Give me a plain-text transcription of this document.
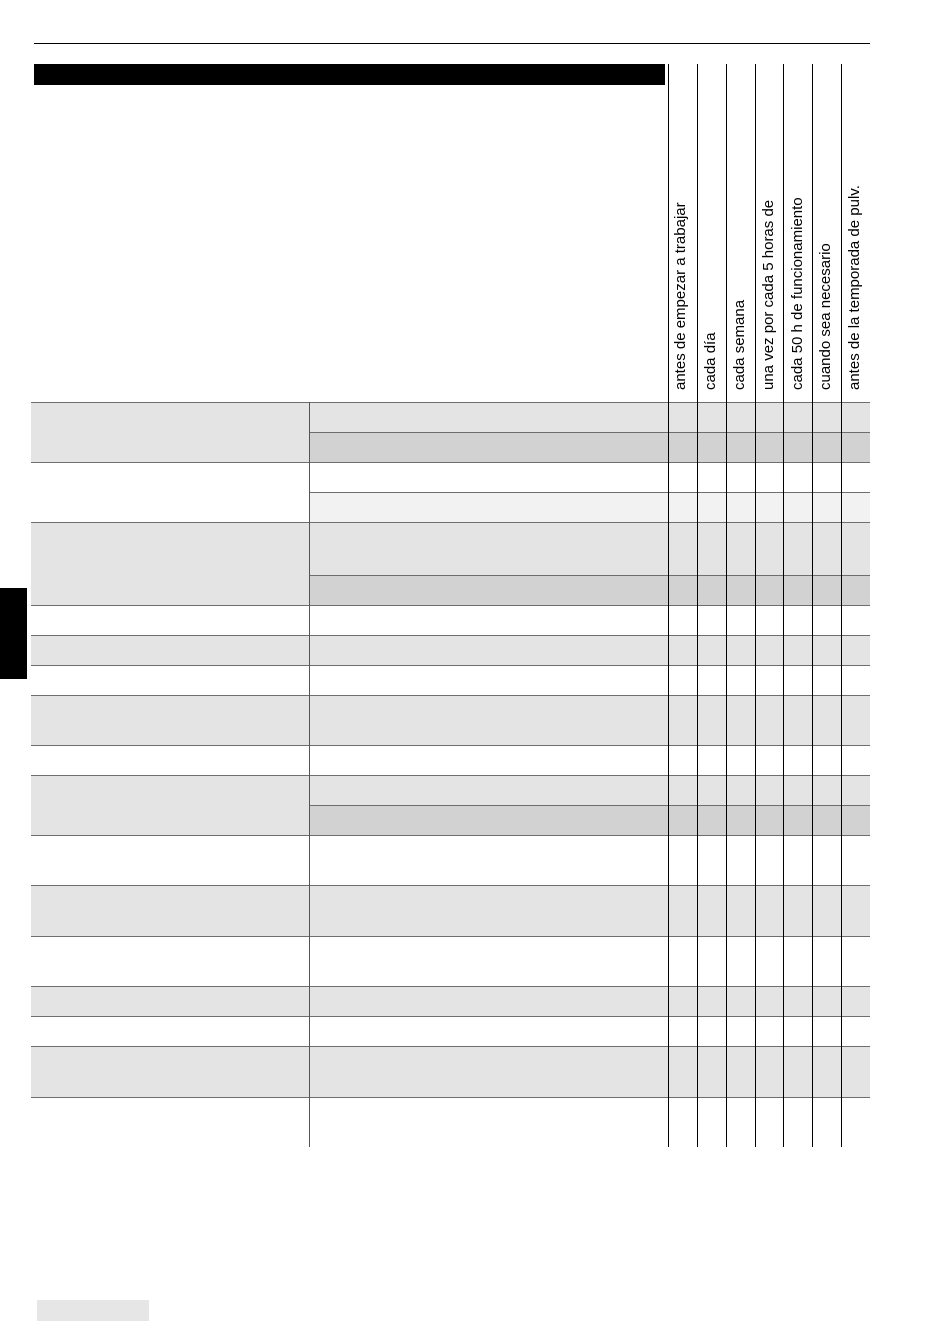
antes de empezar a trabajar cada día cada semana una vez por cada 5 horas de cada 50 h de funcionamiento cuando sea necesario antes de la temporada de pulv.
